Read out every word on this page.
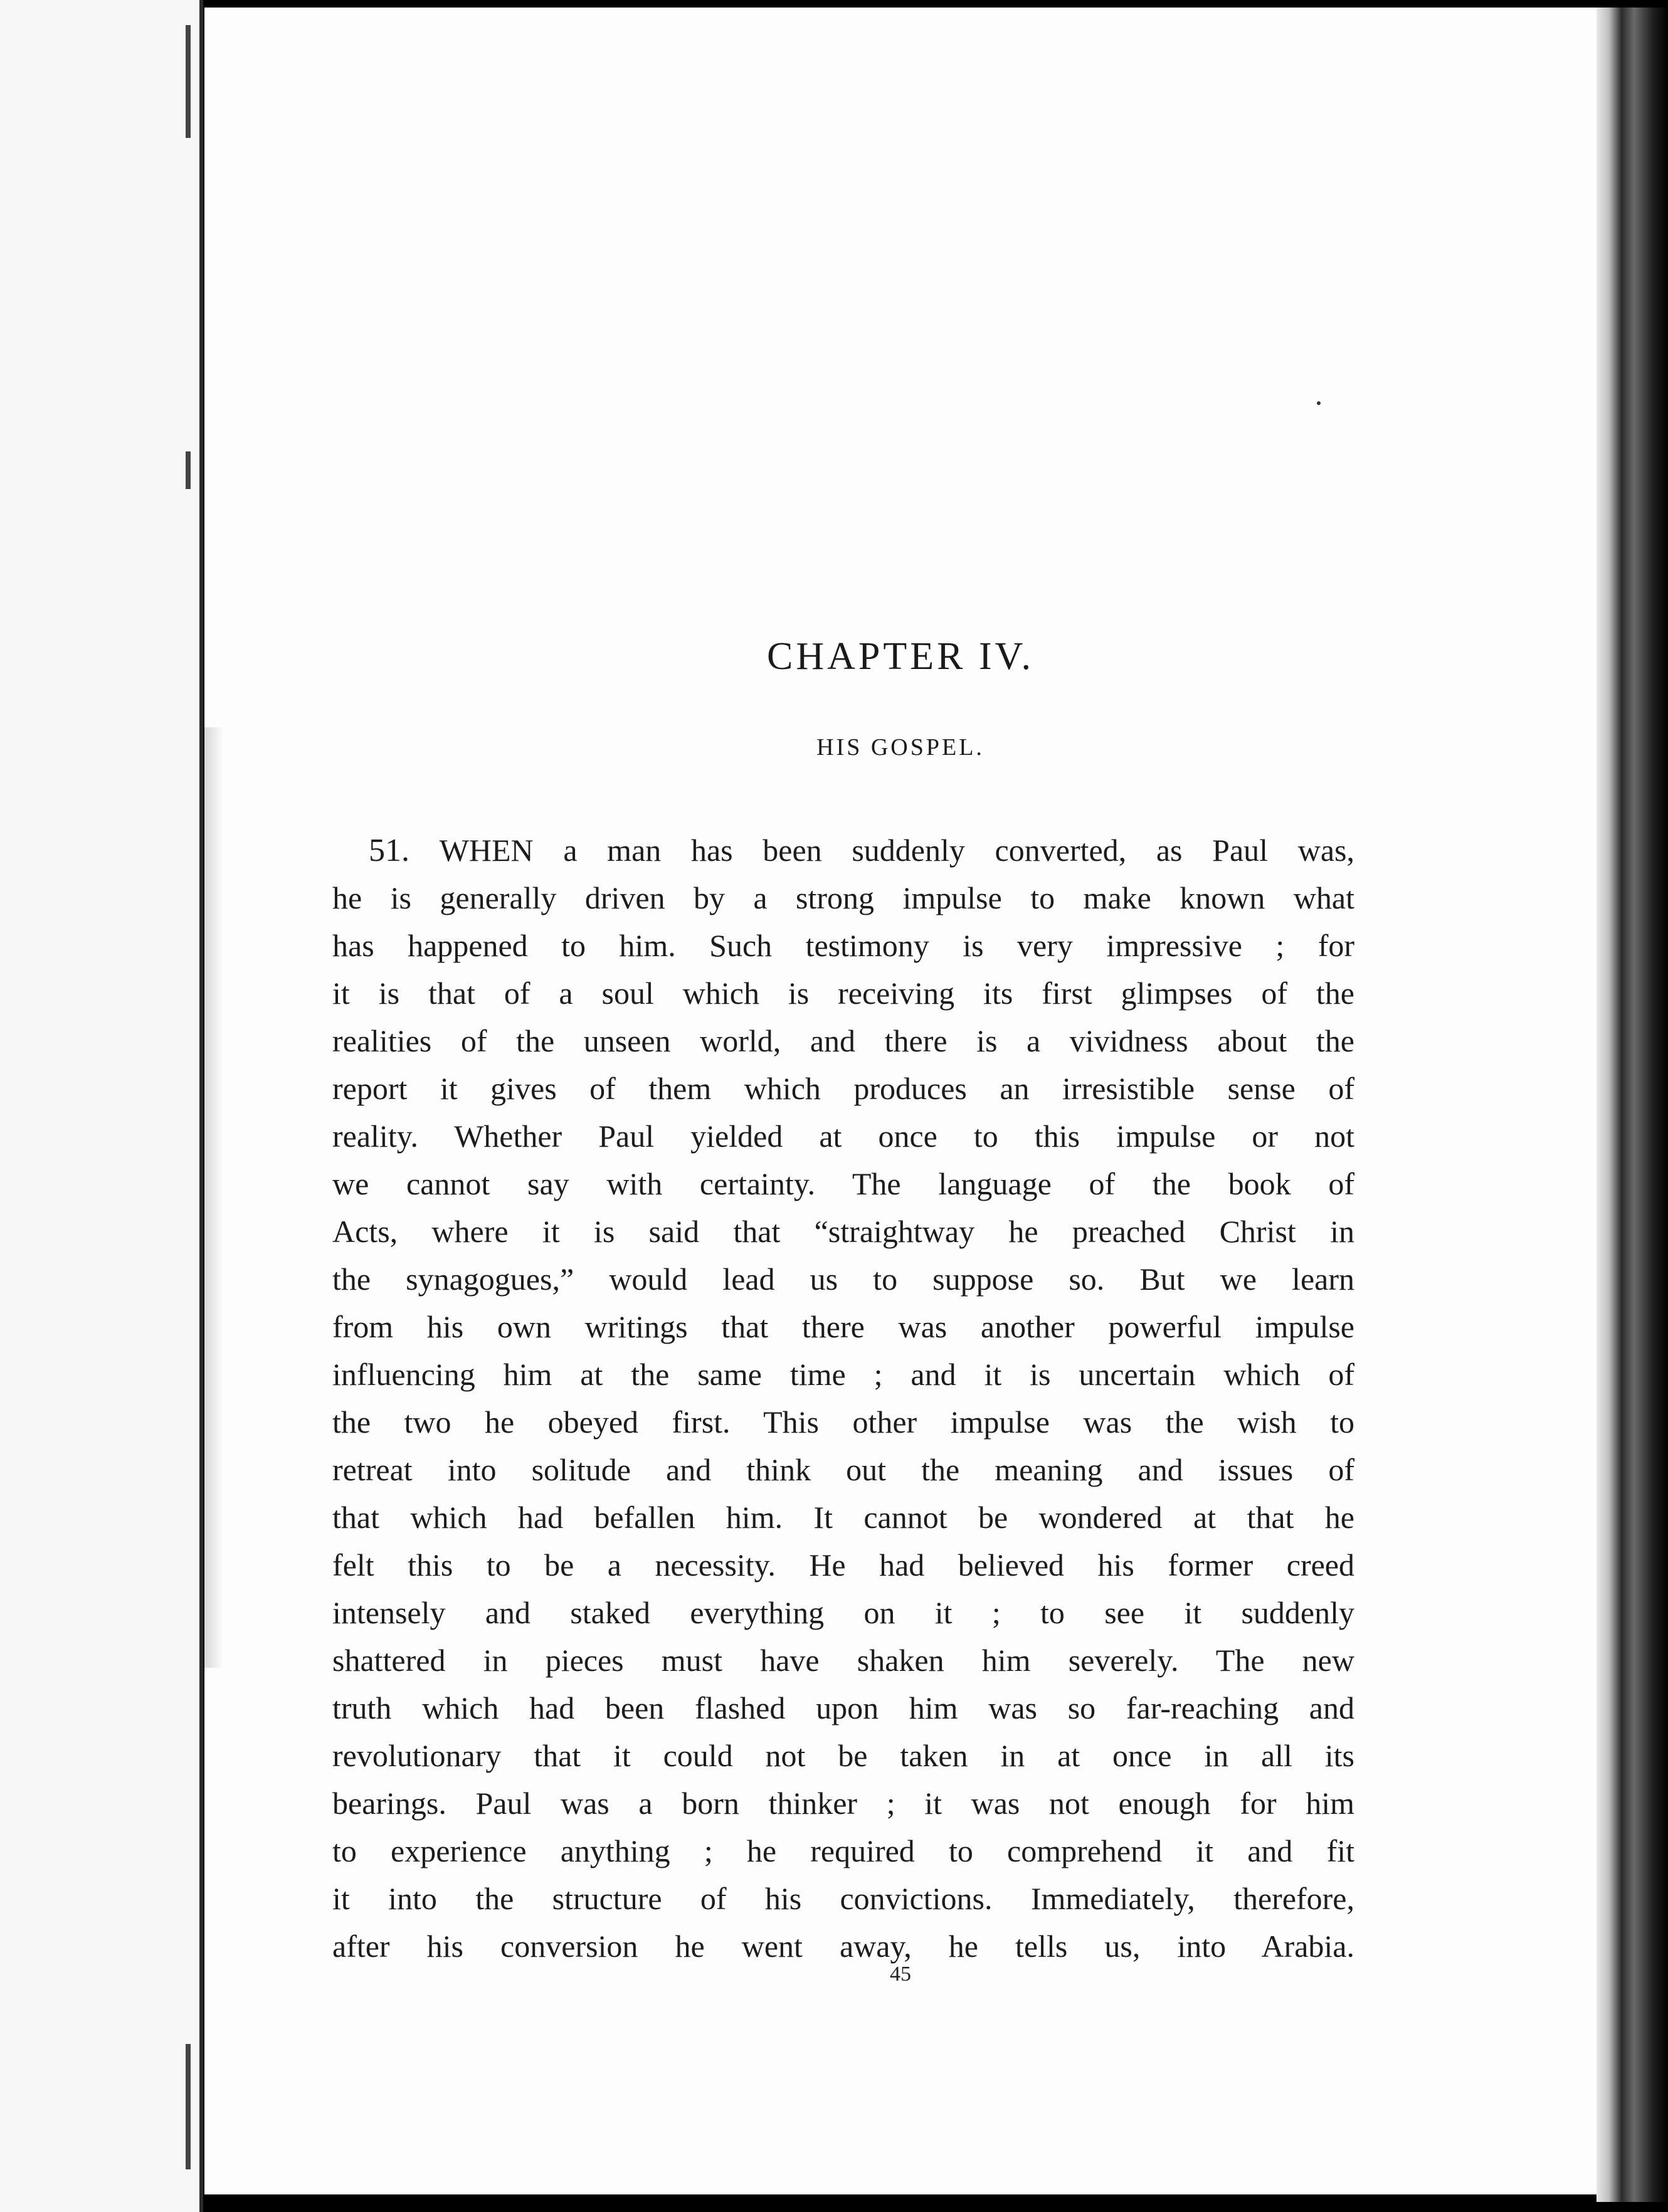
CHAPTER IV.
HIS GOSPEL.
51. WHEN a man has been suddenly converted, as Paul was,
he is generally driven by a strong impulse to make known what
has happened to him. Such testimony is very impressive ; for
it is that of a soul which is receiving its first glimpses of the
realities of the unseen world, and there is a vividness about the
report it gives of them which produces an irresistible sense of
reality. Whether Paul yielded at once to this impulse or not
we cannot say with certainty. The language of the book of
Acts, where it is said that “straightway he preached Christ in
the synagogues,” would lead us to suppose so. But we learn
from his own writings that there was another powerful impulse
influencing him at the same time ; and it is uncertain which of
the two he obeyed first. This other impulse was the wish to
retreat into solitude and think out the meaning and issues of
that which had befallen him. It cannot be wondered at that he
felt this to be a necessity. He had believed his former creed
intensely and staked everything on it ; to see it suddenly
shattered in pieces must have shaken him severely. The new
truth which had been flashed upon him was so far-reaching and
revolutionary that it could not be taken in at once in all its
bearings. Paul was a born thinker ; it was not enough for him
to experience anything ; he required to comprehend it and fit
it into the structure of his convictions. Immediately, therefore,
after his conversion he went away, he tells us, into Arabia.
45
